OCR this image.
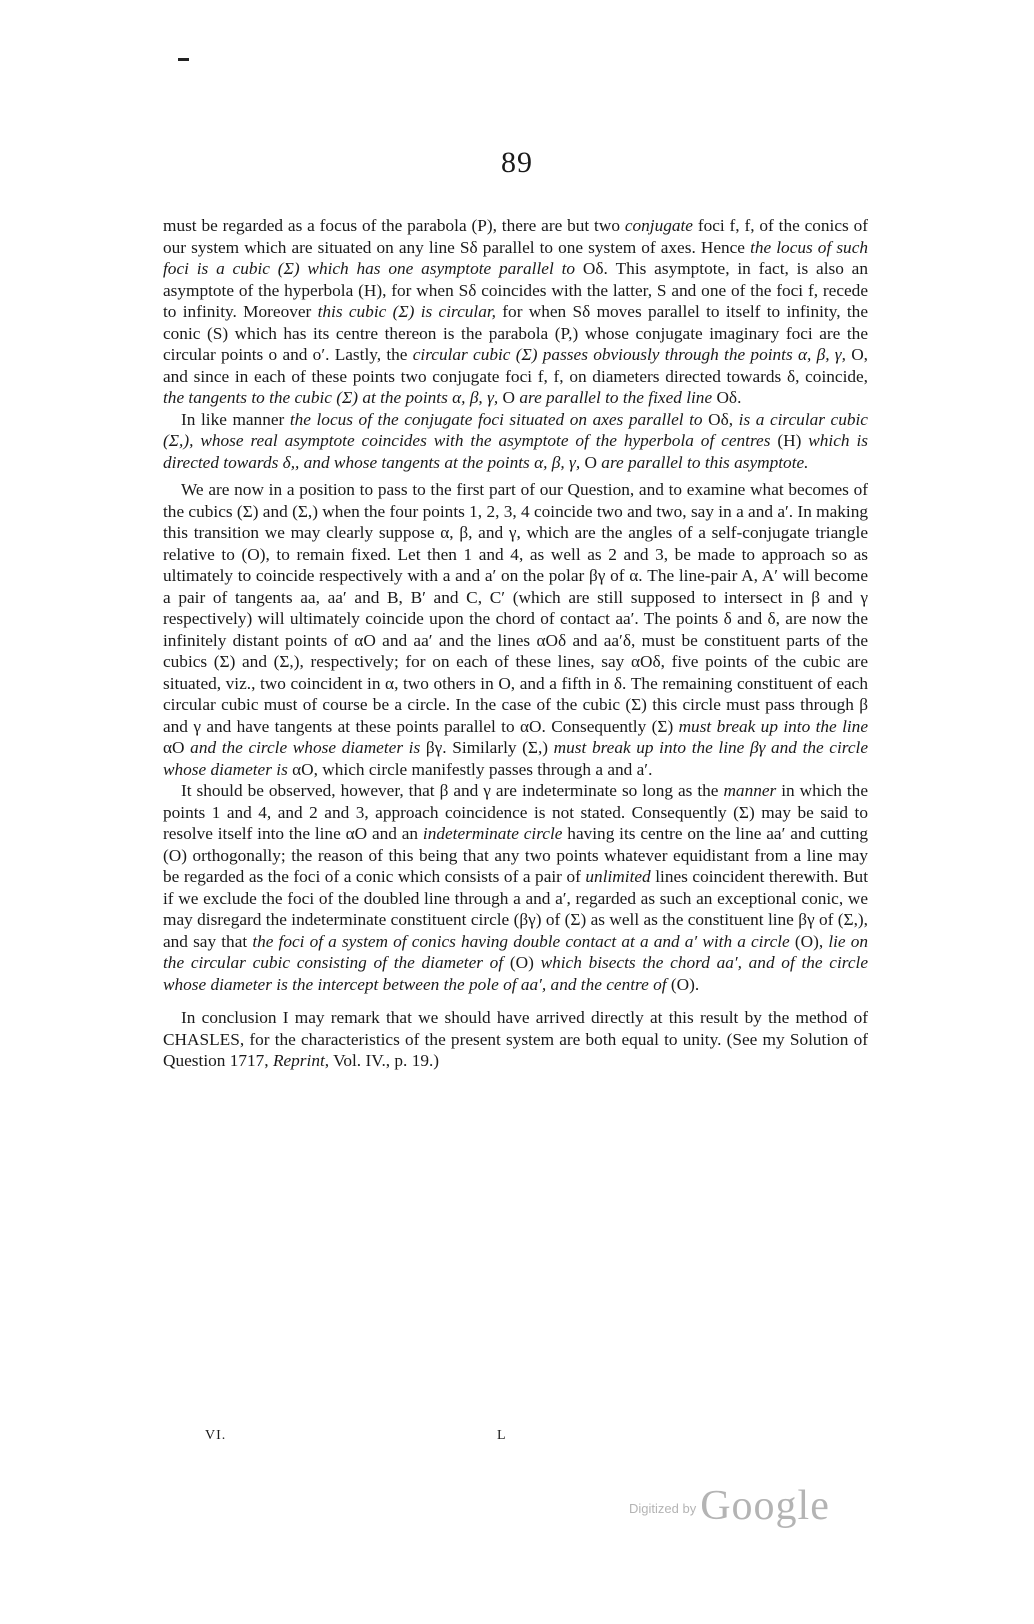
89

must be regarded as a focus of the parabola (P), there are but two conjugate foci f, f, of the conics of our system which are situated on any line Sδ parallel to one system of axes. Hence the locus of such foci is a cubic (Σ) which has one asymptote parallel to Oδ. This asymptote, in fact, is also an asymptote of the hyperbola (H), for when Sδ coincides with the latter, S and one of the foci f, recede to infinity. Moreover this cubic (Σ) is circular, for when Sδ moves parallel to itself to infinity, the conic (S) which has its centre thereon is the parabola (P,) whose conjugate imaginary foci are the circular points o and o′. Lastly, the circular cubic (Σ) passes obviously through the points α, β, γ, O, and since in each of these points two conjugate foci f, f, on diameters directed towards δ, coincide, the tangents to the cubic (Σ) at the points α, β, γ, O are parallel to the fixed line Oδ.

In like manner the locus of the conjugate foci situated on axes parallel to Oδ, is a circular cubic (Σ,), whose real asymptote coincides with the asymptote of the hyperbola of centres (H) which is directed towards δ,, and whose tangents at the points α, β, γ, O are parallel to this asymptote.

We are now in a position to pass to the first part of our Question, and to examine what becomes of the cubics (Σ) and (Σ,) when the four points 1, 2, 3, 4 coincide two and two, say in a and a′. In making this transition we may clearly suppose α, β, and γ, which are the angles of a self-conjugate triangle relative to (O), to remain fixed. Let then 1 and 4, as well as 2 and 3, be made to approach so as ultimately to coincide respectively with a and a′ on the polar βγ of α. The line-pair A, A′ will become a pair of tangents aa, aa′ and B, B′ and C, C′ (which are still supposed to intersect in β and γ respectively) will ultimately coincide upon the chord of contact aa′. The points δ and δ, are now the infinitely distant points of αO and aa′ and the lines αOδ and aa′δ, must be constituent parts of the cubics (Σ) and (Σ,), respectively; for on each of these lines, say αOδ, five points of the cubic are situated, viz., two coincident in α, two others in O, and a fifth in δ. The remaining constituent of each circular cubic must of course be a circle. In the case of the cubic (Σ) this circle must pass through β and γ and have tangents at these points parallel to αO. Consequently (Σ) must break up into the line αO and the circle whose diameter is βγ. Similarly (Σ,) must break up into the line βγ and the circle whose diameter is αO, which circle manifestly passes through a and a′.

It should be observed, however, that β and γ are indeterminate so long as the manner in which the points 1 and 4, and 2 and 3, approach coincidence is not stated. Consequently (Σ) may be said to resolve itself into the line αO and an indeterminate circle having its centre on the line aa′ and cutting (O) orthogonally; the reason of this being that any two points whatever equidistant from a line may be regarded as the foci of a conic which consists of a pair of unlimited lines coincident therewith. But if we exclude the foci of the doubled line through a and a′, regarded as such an exceptional conic, we may disregard the indeterminate constituent circle (βγ) of (Σ) as well as the constituent line βγ of (Σ,), and say that the foci of a system of conics having double contact at a and a′ with a circle (O), lie on the circular cubic consisting of the diameter of (O) which bisects the chord aa′, and of the circle whose diameter is the intercept between the pole of aa′, and the centre of (O).

In conclusion I may remark that we should have arrived directly at this result by the method of CHASLES, for the characteristics of the present system are both equal to unity. (See my Solution of Question 1717, Reprint, Vol. IV., p. 19.)

VI.	L
$^{Digitized by}$ Google
